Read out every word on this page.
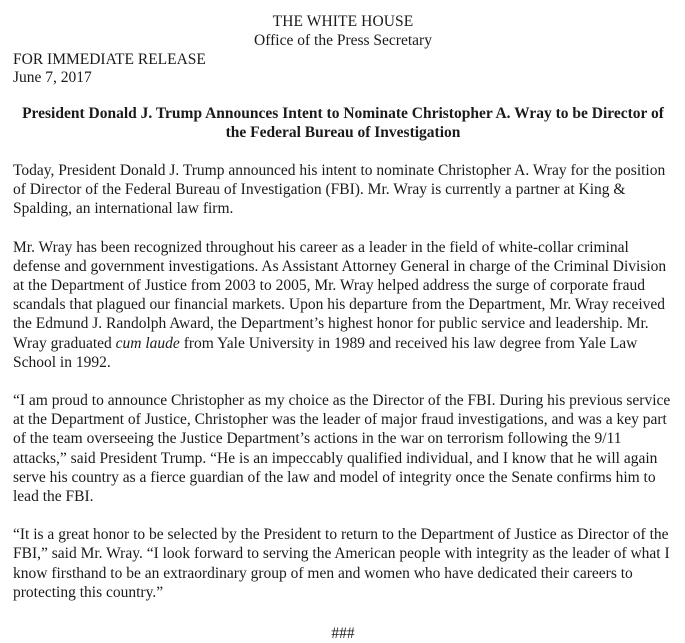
THE WHITE HOUSE
Office of the Press Secretary
FOR IMMEDIATE RELEASE
June 7, 2017
President Donald J. Trump Announces Intent to Nominate Christopher A. Wray to be Director of the Federal Bureau of Investigation

Today, President Donald J. Trump announced his intent to nominate Christopher A. Wray for the position of Director of the Federal Bureau of Investigation (FBI). Mr. Wray is currently a partner at King & Spalding, an international law firm.

Mr. Wray has been recognized throughout his career as a leader in the field of white-collar criminal defense and government investigations. As Assistant Attorney General in charge of the Criminal Division at the Department of Justice from 2003 to 2005, Mr. Wray helped address the surge of corporate fraud scandals that plagued our financial markets. Upon his departure from the Department, Mr. Wray received the Edmund J. Randolph Award, the Department’s highest honor for public service and leadership. Mr. Wray graduated cum laude from Yale University in 1989 and received his law degree from Yale Law School in 1992.

“I am proud to announce Christopher as my choice as the Director of the FBI. During his previous service at the Department of Justice, Christopher was the leader of major fraud investigations, and was a key part of the team overseeing the Justice Department’s actions in the war on terrorism following the 9/11 attacks,” said President Trump. “He is an impeccably qualified individual, and I know that he will again serve his country as a fierce guardian of the law and model of integrity once the Senate confirms him to lead the FBI.

“It is a great honor to be selected by the President to return to the Department of Justice as Director of the FBI,” said Mr. Wray. “I look forward to serving the American people with integrity as the leader of what I know firsthand to be an extraordinary group of men and women who have dedicated their careers to protecting this country.”

###
